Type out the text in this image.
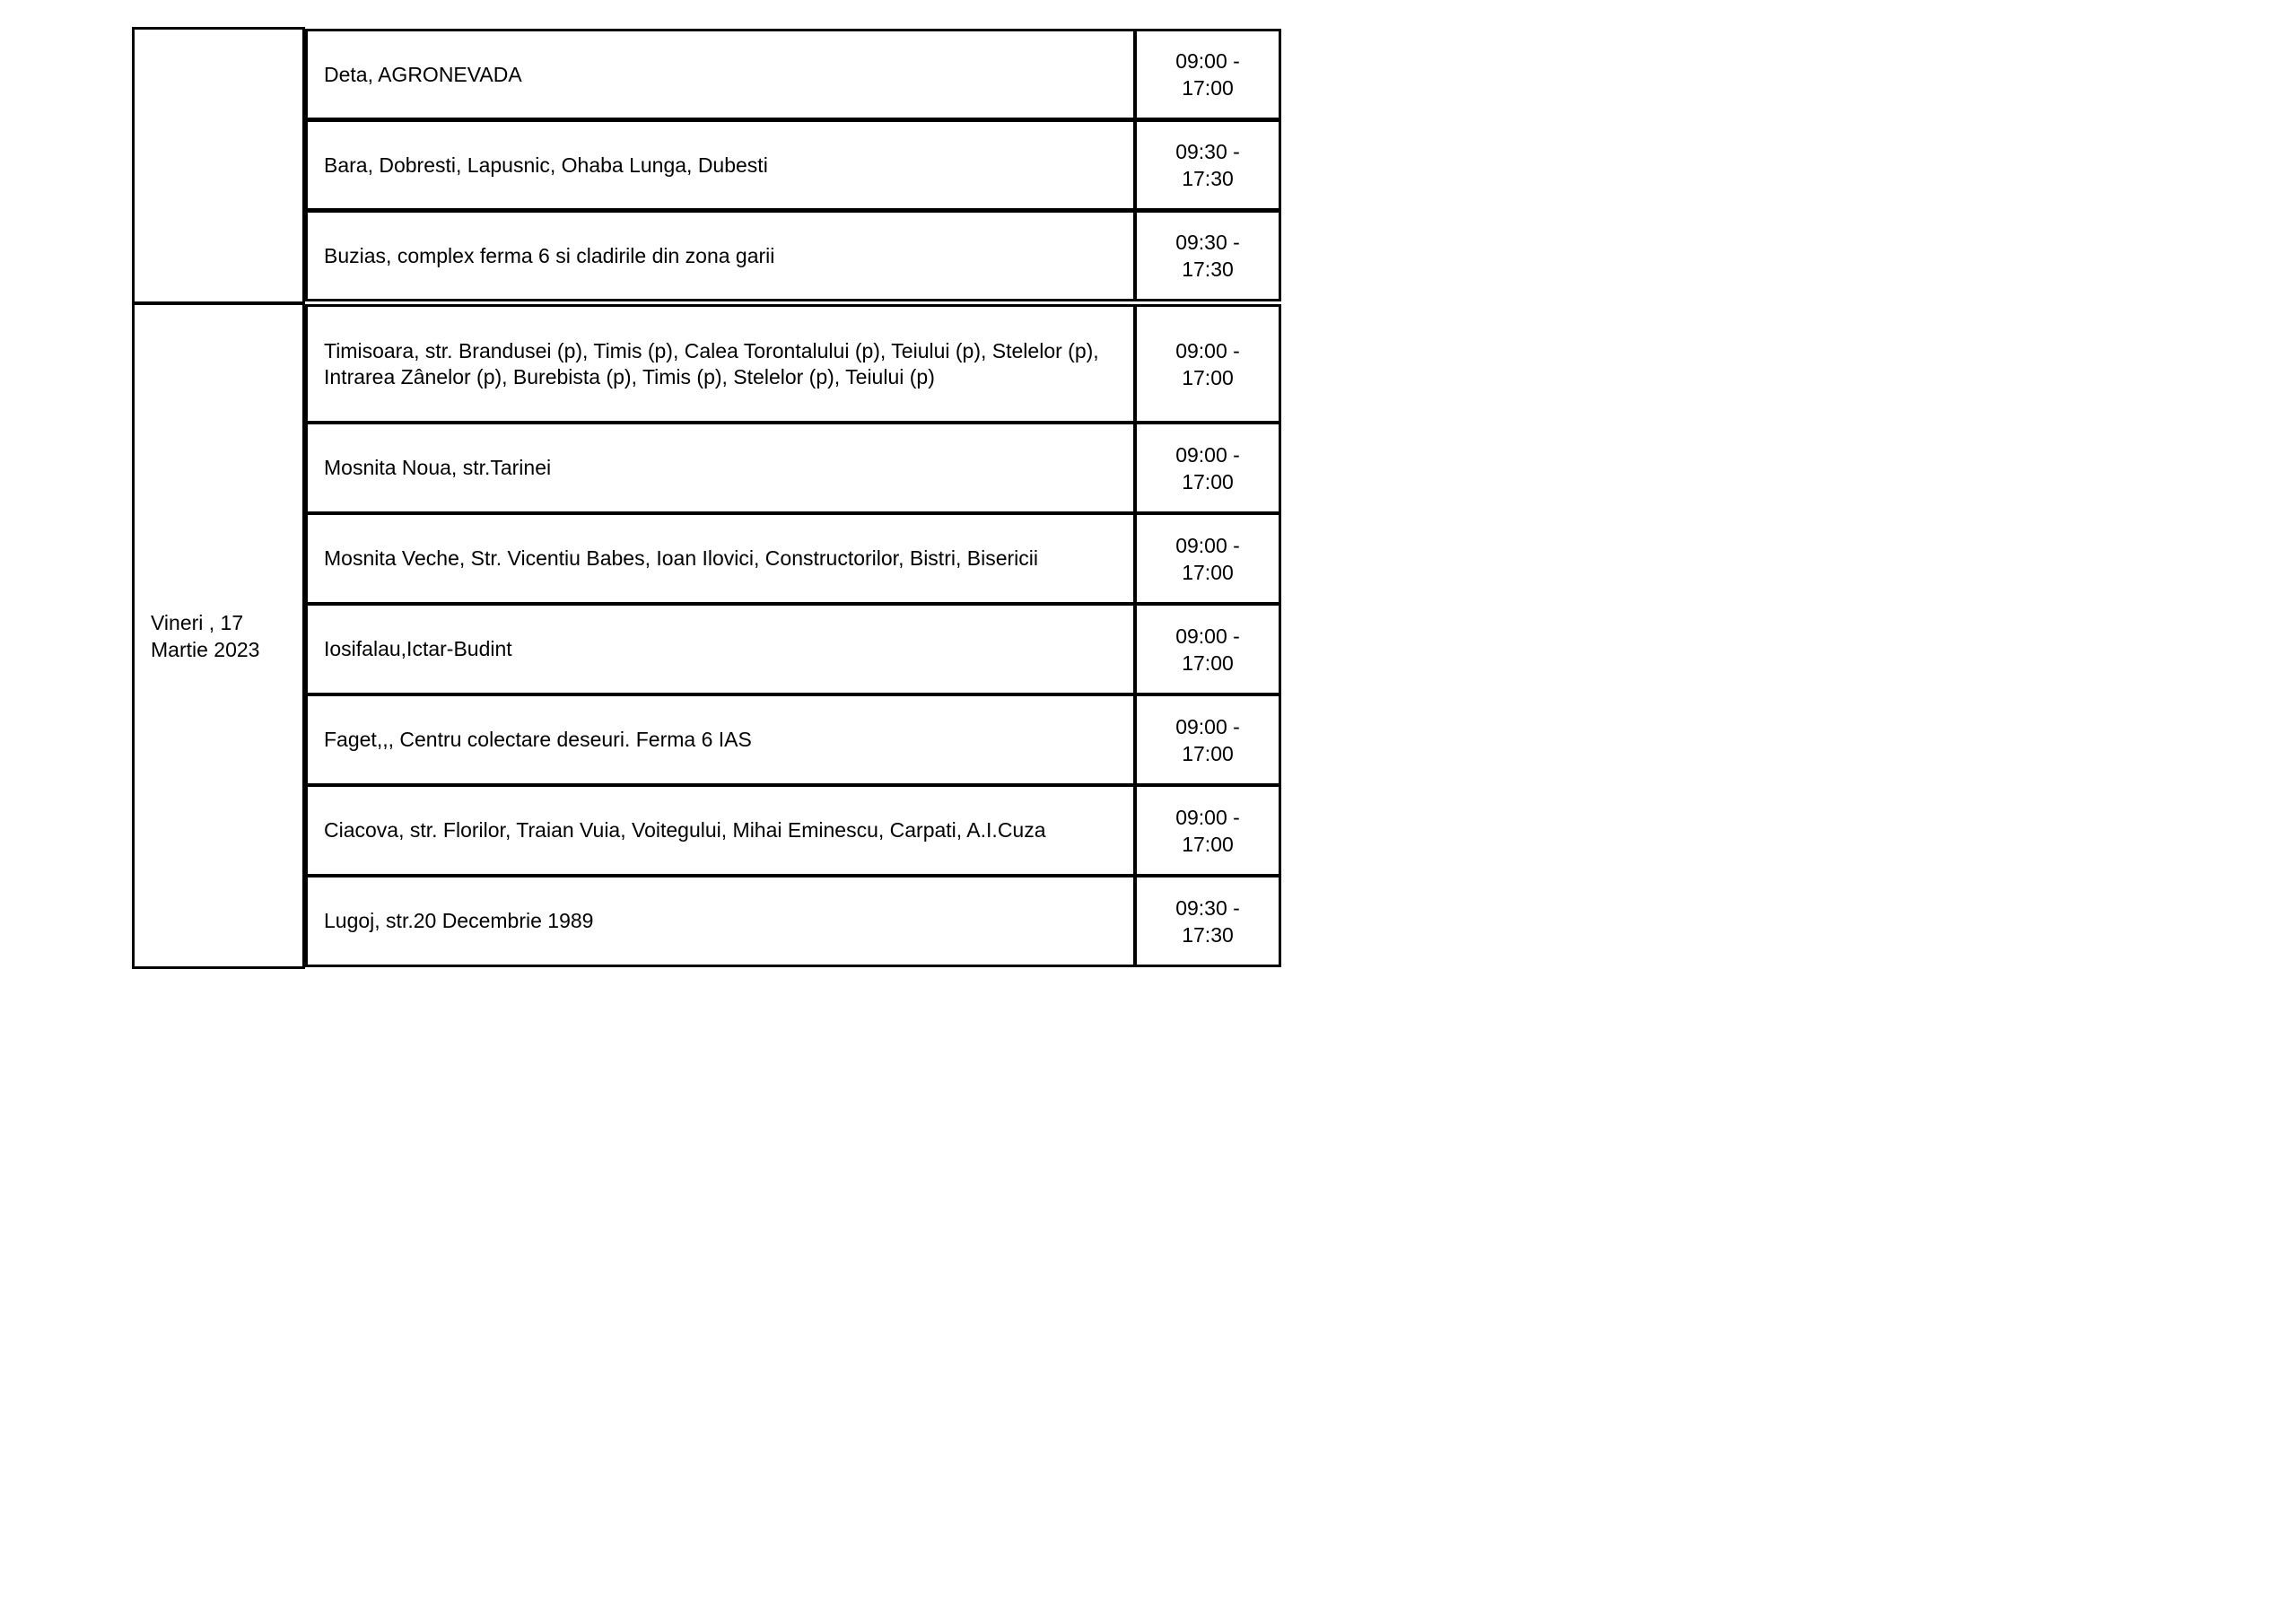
Deta, AGRONEVADA
09:00 - 17:00
Bara, Dobresti, Lapusnic, Ohaba Lunga, Dubesti
09:30 - 17:30
Buzias, complex ferma 6 si cladirile din zona garii
09:30 - 17:30
Vineri , 17 Martie 2023
Timisoara, str. Brandusei (p), Timis (p), Calea Torontalului (p), Teiului (p), Stelelor (p), Intrarea Zânelor (p), Burebista (p), Timis (p), Stelelor (p), Teiului (p)
09:00 - 17:00
Mosnita Noua, str.Tarinei
09:00 - 17:00
Mosnita Veche, Str. Vicentiu Babes, Ioan Ilovici, Constructorilor, Bistri, Bisericii
09:00 - 17:00
Iosifalau,Ictar-Budint
09:00 - 17:00
Faget,,, Centru colectare deseuri. Ferma 6 IAS
09:00 - 17:00
Ciacova, str. Florilor, Traian Vuia, Voitegului, Mihai Eminescu, Carpati, A.I.Cuza
09:00 - 17:00
Lugoj, str.20 Decembrie 1989
09:30 - 17:30
